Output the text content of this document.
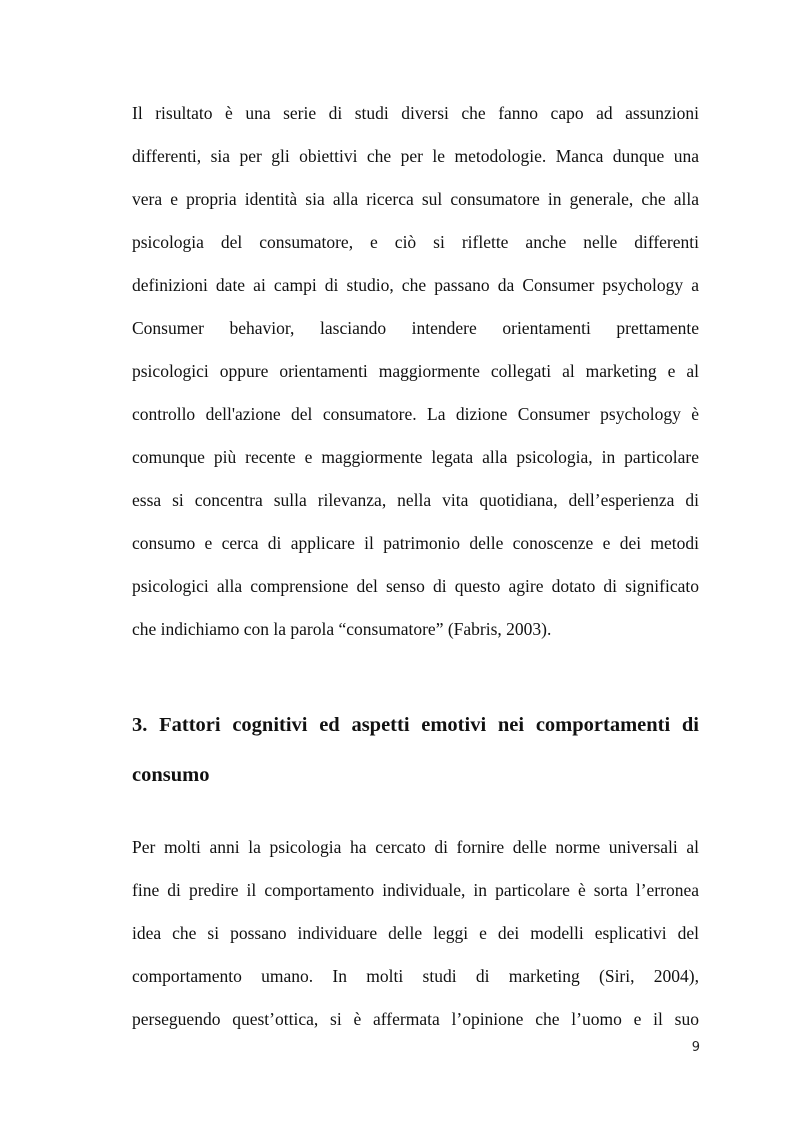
Il risultato è una serie di studi diversi che fanno capo ad assunzioni

differenti, sia per gli obiettivi che per le metodologie. Manca dunque una

vera e propria identità sia alla ricerca sul consumatore in generale, che alla

psicologia del consumatore, e ciò si riflette anche nelle differenti

definizioni date ai campi di studio, che passano da Consumer psychology a

Consumer behavior, lasciando intendere orientamenti prettamente

psicologici oppure orientamenti maggiormente collegati al marketing e al

controllo dell'azione del consumatore. La dizione Consumer psychology è

comunque più recente e maggiormente legata alla psicologia, in particolare

essa si concentra sulla rilevanza, nella vita quotidiana, dell’esperienza di

consumo e cerca di applicare il patrimonio delle conoscenze e dei metodi

psicologici alla comprensione del senso di questo agire dotato di significato

che indichiamo con la parola “consumatore” (Fabris, 2003).

3. Fattori cognitivi ed aspetti emotivi nei comportamenti di
consumo

Per molti anni la psicologia ha cercato di fornire delle norme universali al

fine di predire il comportamento individuale, in particolare è sorta l’erronea

idea che si possano individuare delle leggi e dei modelli esplicativi del

comportamento umano. In molti studi di marketing (Siri, 2004),

perseguendo quest’ottica, si è affermata l’opinione che l’uomo e il suo

9
